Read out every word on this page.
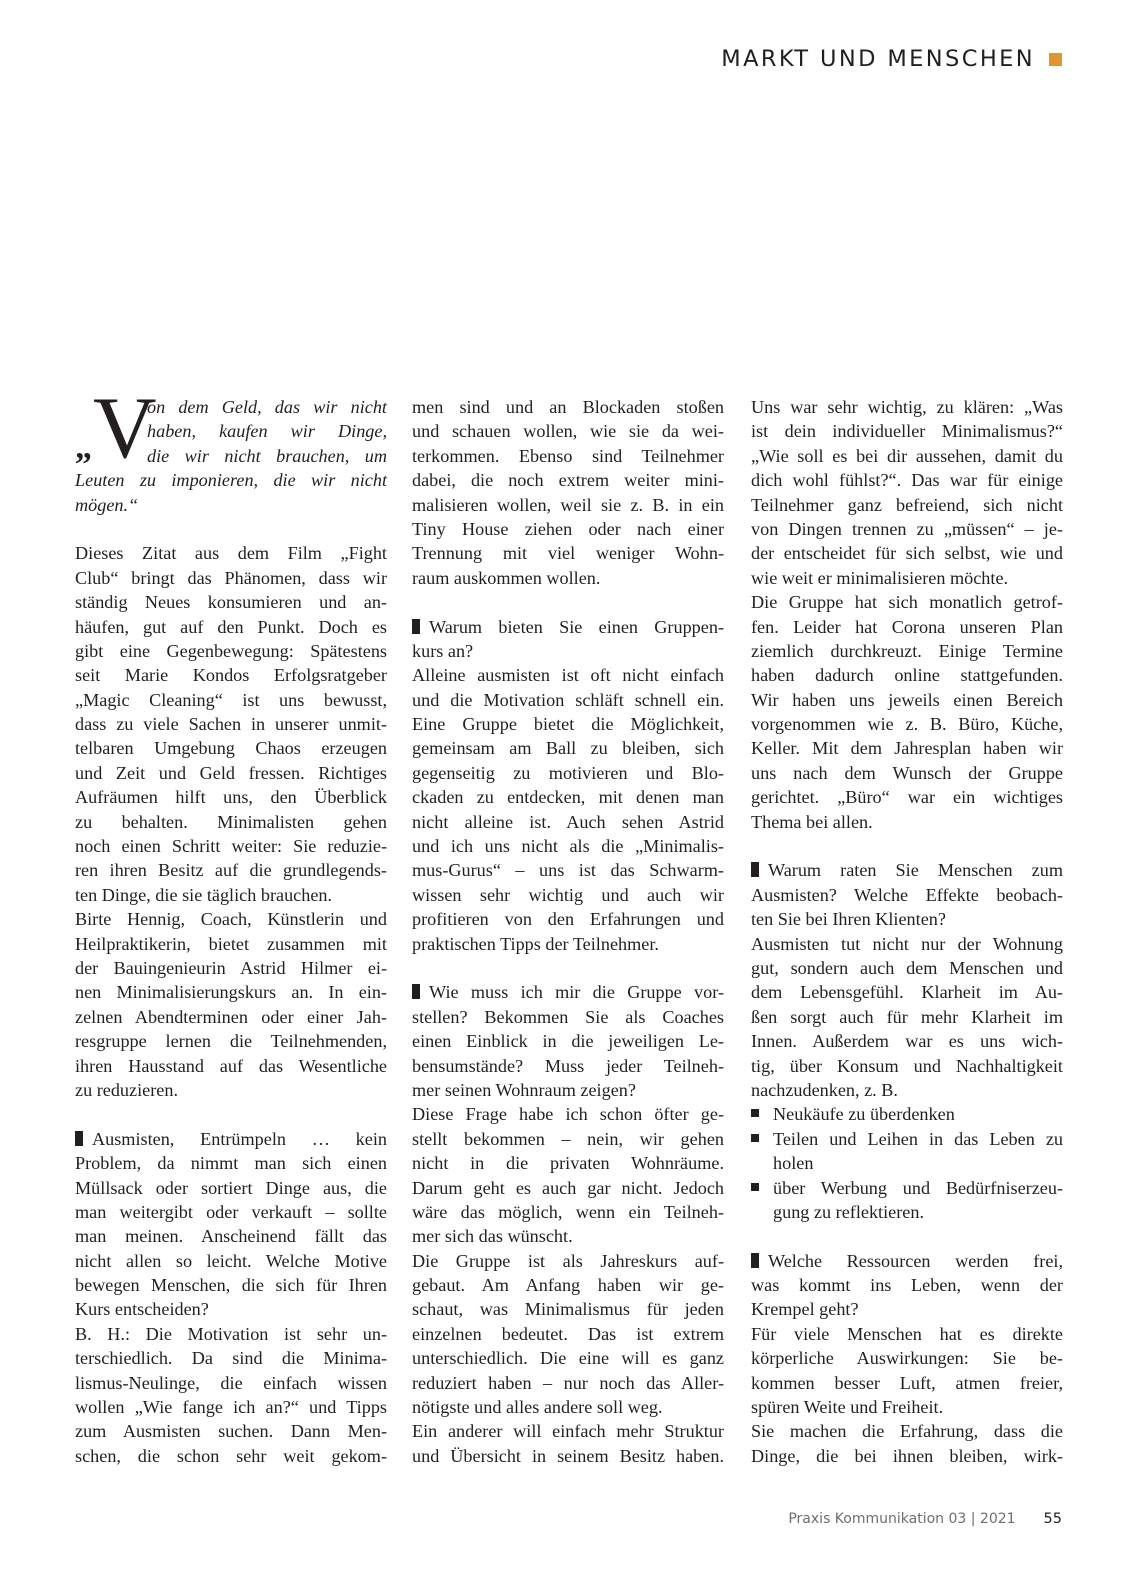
MARKT UND MENSCHEN
„ V
on dem Geld, das wir nicht
haben, kaufen wir Dinge,
die wir nicht brauchen, um
Leuten zu imponieren, die wir nicht
mögen.“
Dieses Zitat aus dem Film „Fight
Club“ bringt das Phänomen, dass wir
ständig Neues konsumieren und an-
häufen, gut auf den Punkt. Doch es
gibt eine Gegenbewegung: Spätestens
seit Marie Kondos Erfolgsratgeber
„Magic Cleaning“ ist uns bewusst,
dass zu viele Sachen in unserer unmit-
telbaren Umgebung Chaos erzeugen
und Zeit und Geld fressen. Richtiges
Aufräumen hilft uns, den Überblick
zu behalten. Minimalisten gehen
noch einen Schritt weiter: Sie reduzie-
ren ihren Besitz auf die grundlegends-
ten Dinge, die sie täglich brauchen.
Birte Hennig, Coach, Künstlerin und
Heilpraktikerin, bietet zusammen mit
der Bauingenieurin Astrid Hilmer ei-
nen Minimalisierungskurs an. In ein-
zelnen Abendterminen oder einer Jah-
resgruppe lernen die Teilnehmenden,
ihren Hausstand auf das Wesentliche
zu reduzieren.
Ausmisten, Entrümpeln … kein
Problem, da nimmt man sich einen
Müllsack oder sortiert Dinge aus, die
man weitergibt oder verkauft – sollte
man meinen. Anscheinend fällt das
nicht allen so leicht. Welche Motive
bewegen Menschen, die sich für Ihren
Kurs entscheiden?
B. H.: Die Motivation ist sehr un-
terschiedlich. Da sind die Minima-
lismus-Neulinge, die einfach wissen
wollen „Wie fange ich an?“ und Tipps
zum Ausmisten suchen. Dann Men-
schen, die schon sehr weit gekom-
men sind und an Blockaden stoßen
und schauen wollen, wie sie da wei-
terkommen. Ebenso sind Teilnehmer
dabei, die noch extrem weiter mini-
malisieren wollen, weil sie z. B. in ein
Tiny House ziehen oder nach einer
Trennung mit viel weniger Wohn-
raum auskommen wollen.
Warum bieten Sie einen Gruppen-
kurs an?
Alleine ausmisten ist oft nicht einfach
und die Motivation schläft schnell ein.
Eine Gruppe bietet die Möglichkeit,
gemeinsam am Ball zu bleiben, sich
gegenseitig zu motivieren und Blo-
ckaden zu entdecken, mit denen man
nicht alleine ist. Auch sehen Astrid
und ich uns nicht als die „Minimalis-
mus-Gurus“ – uns ist das Schwarm-
wissen sehr wichtig und auch wir
profitieren von den Erfahrungen und
praktischen Tipps der Teilnehmer.
Wie muss ich mir die Gruppe vor-
stellen? Bekommen Sie als Coaches
einen Einblick in die jeweiligen Le-
bensumstände? Muss jeder Teilneh-
mer seinen Wohnraum zeigen?
Diese Frage habe ich schon öfter ge-
stellt bekommen – nein, wir gehen
nicht in die privaten Wohnräume.
Darum geht es auch gar nicht. Jedoch
wäre das möglich, wenn ein Teilneh-
mer sich das wünscht.
Die Gruppe ist als Jahreskurs auf-
gebaut. Am Anfang haben wir ge-
schaut, was Minimalismus für jeden
einzelnen bedeutet. Das ist extrem
unterschiedlich. Die eine will es ganz
reduziert haben – nur noch das Aller-
nötigste und alles andere soll weg.
Ein anderer will einfach mehr Struktur
und Übersicht in seinem Besitz haben.
Uns war sehr wichtig, zu klären: „Was
ist dein individueller Minimalismus?“
„Wie soll es bei dir aussehen, damit du
dich wohl fühlst?“. Das war für einige
Teilnehmer ganz befreiend, sich nicht
von Dingen trennen zu „müssen“ – je-
der entscheidet für sich selbst, wie und
wie weit er minimalisieren möchte.
Die Gruppe hat sich monatlich getrof-
fen. Leider hat Corona unseren Plan
ziemlich durchkreuzt. Einige Termine
haben dadurch online stattgefunden.
Wir haben uns jeweils einen Bereich
vorgenommen wie z. B. Büro, Küche,
Keller. Mit dem Jahresplan haben wir
uns nach dem Wunsch der Gruppe
gerichtet. „Büro“ war ein wichtiges
Thema bei allen.
Warum raten Sie Menschen zum
Ausmisten? Welche Effekte beobach-
ten Sie bei Ihren Klienten?
Ausmisten tut nicht nur der Wohnung
gut, sondern auch dem Menschen und
dem Lebensgefühl. Klarheit im Au-
ßen sorgt auch für mehr Klarheit im
Innen. Außerdem war es uns wich-
tig, über Konsum und Nachhaltigkeit
nachzudenken, z. B.
Neukäufe zu überdenken
Teilen und Leihen in das Leben zu
holen
über Werbung und Bedürfniserzeu-
gung zu reflektieren.
Welche Ressourcen werden frei,
was kommt ins Leben, wenn der
Krempel geht?
Für viele Menschen hat es direkte
körperliche Auswirkungen: Sie be-
kommen besser Luft, atmen freier,
spüren Weite und Freiheit.
Sie machen die Erfahrung, dass die
Dinge, die bei ihnen bleiben, wirk-
Praxis Kommunikation 03 | 2021 55
